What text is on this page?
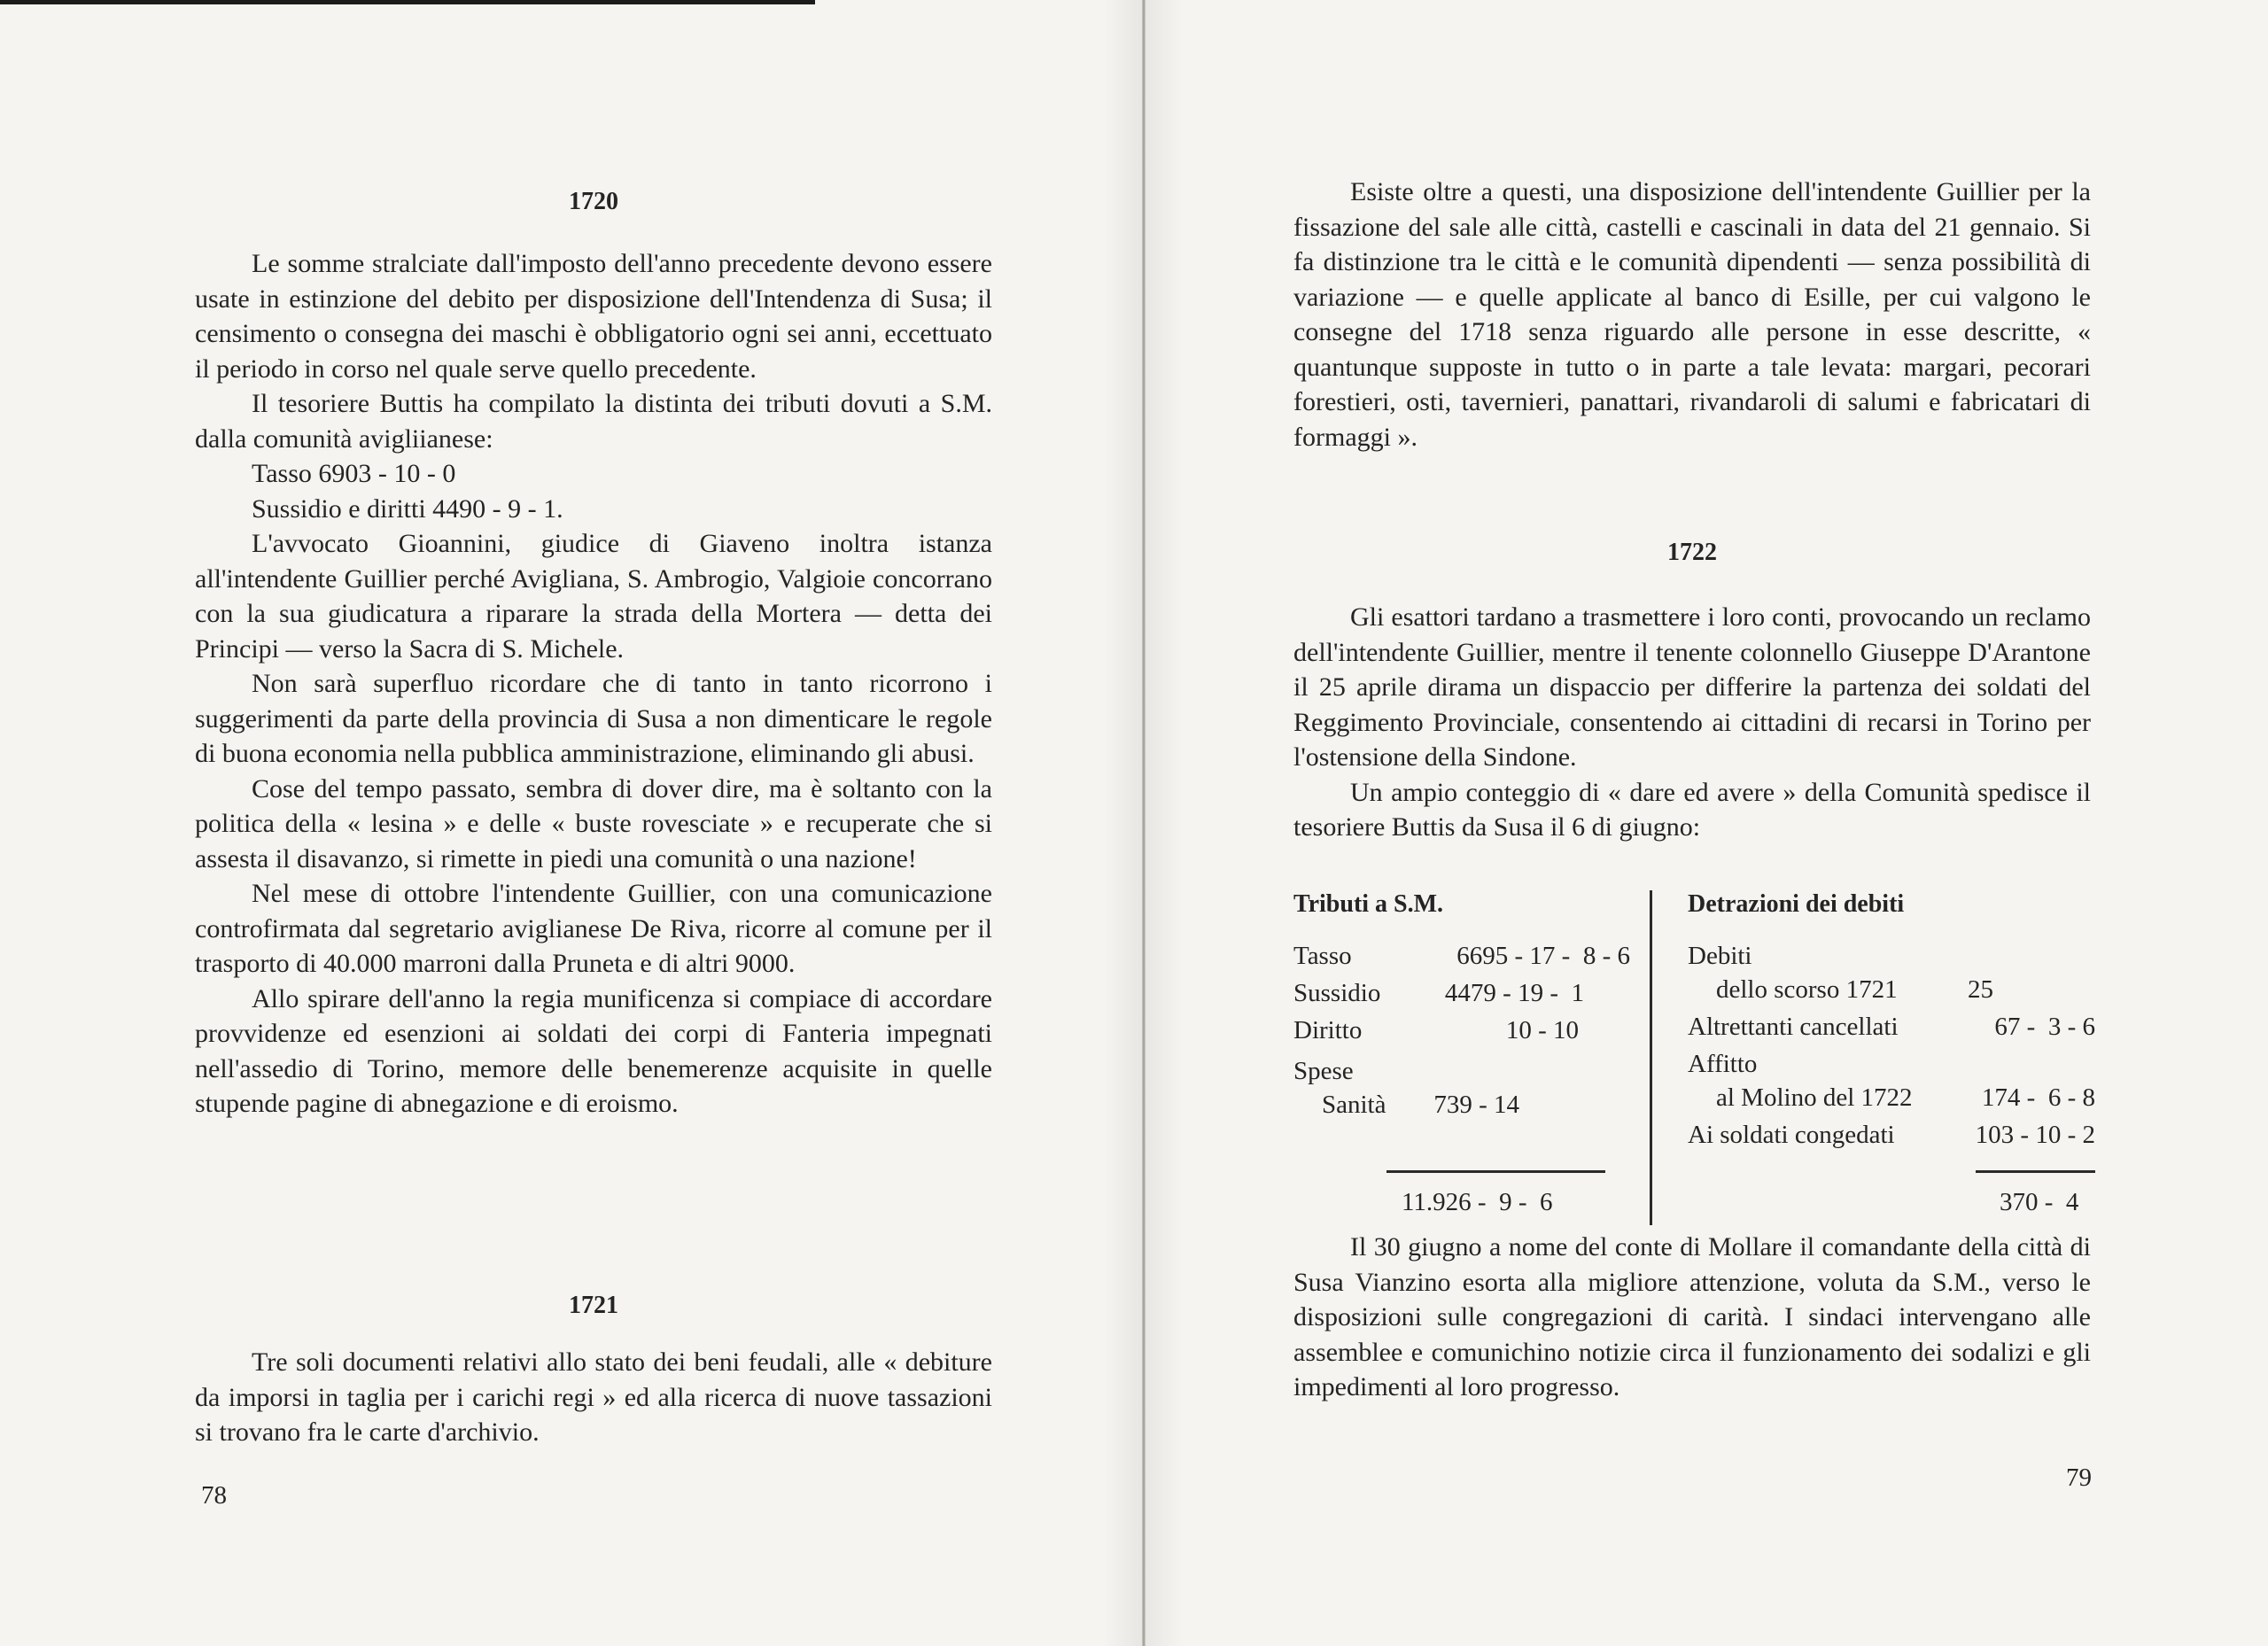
1720

Le somme stralciate dall'imposto dell'anno precedente devono essere usate in estinzione del debito per disposizione dell'Intendenza di Susa; il censimento o consegna dei maschi è obbligatorio ogni sei anni, eccettuato il periodo in corso nel quale serve quello precedente.

Il tesoriere Buttis ha compilato la distinta dei tributi dovuti a S.M. dalla comunità avigliianese:

Tasso 6903 - 10 - 0

Sussidio e diritti 4490 - 9 - 1.

L'avvocato Gioannini, giudice di Giaveno inoltra istanza all'intendente Guillier perché Avigliana, S. Ambrogio, Valgioie concorrano con la sua giudicatura a riparare la strada della Mortera — detta dei Principi — verso la Sacra di S. Michele.

Non sarà superfluo ricordare che di tanto in tanto ricorrono i suggerimenti da parte della provincia di Susa a non dimenticare le regole di buona economia nella pubblica amministrazione, eliminando gli abusi.

Cose del tempo passato, sembra di dover dire, ma è soltanto con la politica della « lesina » e delle « buste rovesciate » e recuperate che si assesta il disavanzo, si rimette in piedi una comunità o una nazione!

Nel mese di ottobre l'intendente Guillier, con una comunicazione controfirmata dal segretario aviglianese De Riva, ricorre al comune per il trasporto di 40.000 marroni dalla Pruneta e di altri 9000.

Allo spirare dell'anno la regia munificenza si compiace di accordare provvidenze ed esenzioni ai soldati dei corpi di Fanteria impegnati nell'assedio di Torino, memore delle benemerenze acquisite in quelle stupende pagine di abnegazione e di eroismo.

1721

Tre soli documenti relativi allo stato dei beni feudali, alle « debiture da imporsi in taglia per i carichi regi » ed alla ricerca di nuove tassazioni si trovano fra le carte d'archivio.

78

Esiste oltre a questi, una disposizione dell'intendente Guillier per la fissazione del sale alle città, castelli e cascinali in data del 21 gennaio. Si fa distinzione tra le città e le comunità dipendenti — senza possibilità di variazione — e quelle applicate al banco di Esille, per cui valgono le consegne del 1718 senza riguardo alle persone in esse descritte, « quantunque supposte in tutto o in parte a tale levata: margari, pecorari forestieri, osti, tavernieri, panattari, rivandaroli di salumi e fabricatari di formaggi ».

1722

Gli esattori tardano a trasmettere i loro conti, provocando un reclamo dell'intendente Guillier, mentre il tenente colonnello Giuseppe D'Arantone il 25 aprile dirama un dispaccio per differire la partenza dei soldati del Reggimento Provinciale, consentendo ai cittadini di recarsi in Torino per l'ostensione della Sindone.

Un ampio conteggio di « dare ed avere » della Comunità spedisce il tesoriere Buttis da Susa il 6 di giugno:

Tributi a S.M.
Tasso	6695 - 17 -  8 - 6
Sussidio	4479 - 19 -  1
Diritto	10 - 10
Spese
Sanità 739 - 14
11.926 -  9 -  6
Detrazioni dei debiti
Debiti
dello scorso 1721	25
Altrettanti cancellati	67 -  3 - 6
Affitto
al Molino del 1722	174 -  6 - 8
Ai soldati congedati	103 - 10 - 2
370 -  4

Il 30 giugno a nome del conte di Mollare il comandante della città di Susa Vianzino esorta alla migliore attenzione, voluta da S.M., verso le disposizioni sulle congregazioni di carità. I sindaci intervengano alle assemblee e comunichino notizie circa il funzionamento dei sodalizi e gli impedimenti al loro progresso.

79
